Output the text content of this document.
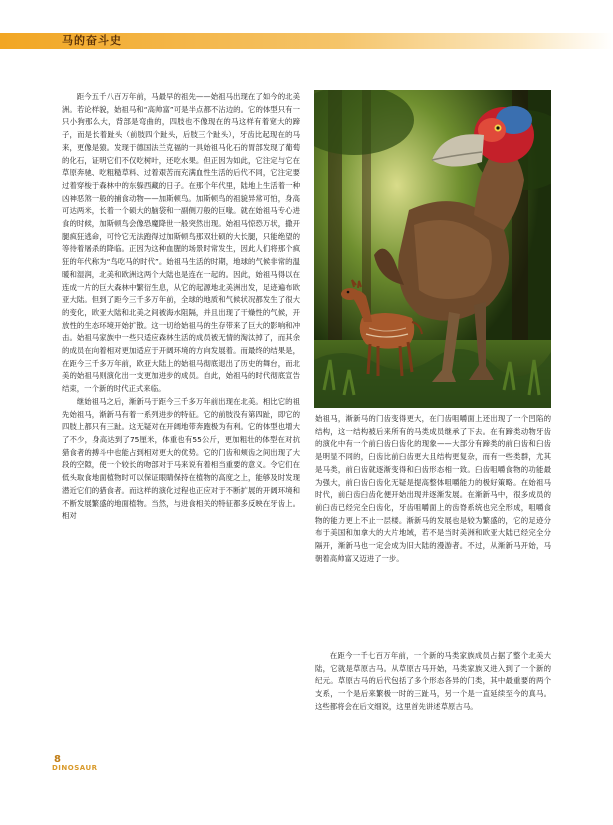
马的奋斗史

距今五千八百万年前，马最早的祖先——始祖马出现在了如今的北美洲。若论样貌，始祖马和“高帅富”可是半点都不沾边的。它的体型只有一只小狗那么大，背部是弯曲的，四肢也不像现在的马这样有着宽大的蹄子，而是长着趾头（前肢四个趾头，后肢三个趾头），牙齿比起现在的马来，更像是猿。发现于德国法兰克福的一具始祖马化石的胃部发现了葡萄的化石，证明它们不仅吃树叶，还吃水果。但正因为如此，它注定与它在草原奔驰、吃粗糙草料、过着艰苦而充满血性生活的后代不同，它注定要过着穿梭于森林中的东躲西藏的日子。在那个年代里，陆地上生活着一种凶神恶煞一般的捕食动物——加斯顿鸟。加斯顿鸟的祖貌异常可怕，身高可达两米，长着一个硕大的脑袋和一副侧刀般的巨喙。就在始祖马专心进食的时候，加斯顿鸟会像恐魔降世一般突然出现。始祖马惊恐万状，撒开腿疯狂逃命，可怜它无法跑得过加斯顿鸟那双壮硕的大长腿，只能绝望的等待着屠杀的降临。正因为这种血腥的场景时常发生，因此人们将那个疯狂的年代称为“鸟吃马的时代”。始祖马生活的时期，地球的气候非常的温暖和湿润，北美和欧洲这两个大陆也是连在一起的。因此，始祖马得以在连成一片的巨大森林中繁衍生息，从它的起源地北美洲出发，足迹遍布欧亚大陆。但到了距今三千多万年前，全球的地质和气候状况都发生了很大的变化，欧亚大陆和北美之间被海水阻隔，并且出现了干燥性的气候，开放性的生态环境开始扩散。这一切给始祖马的生存带来了巨大的影响和冲击。始祖马家族中一些只适应森林生活的成员被无情的淘汰掉了，而其余的成员在向着相对更加适应于开阔环境的方向发展着。而最终的结果是，在距今三千多万年前，欧亚大陆上的始祖马彻底退出了历史的舞台，而北美的始祖马则演化出一支更加进步的成员。自此，始祖马的时代彻底宣告结束，一个新的时代正式来临。

继始祖马之后，渐新马于距今三千多万年前出现在北美。相比它的祖先始祖马，渐新马有着一系列进步的特征。它的前肢没有第四趾，即它的四肢上都只有三趾。这无疑对在开阔地带奔跑极为有利。它的体型也增大了不少，身高达到了75厘米，体重也有55公斤，更加粗壮的体型在对抗猎食者的搏斗中也能占到相对更大的优势。它的门齿和颊齿之间出现了大段的空隙，使一个较长的吻部对于马来说有着相当重要的意义。令它们在低头取食地面植物时可以保证眼睛保持在植物的高度之上，能够及时发现潜近它们的猎食者。而这样的演化过程也正应对于不断扩展的开阔环境和不断发展繁盛的地面植物。当然，与进食相关的特征都多反映在牙齿上。相对

始祖马，渐新马的门齿变得更大，在门齿咀嚼面上还出现了一个凹陷的结构，这一结构被后来所有的马类成员继承了下去。在有蹄类动物牙齿的演化中有一个前臼齿臼齿化的现象——大部分有蹄类的前臼齿和臼齿是明显不同的，臼齿比前臼齿更大且结构更复杂，而有一些类群，尤其是马类，前臼齿就逐渐变得和臼齿形态相一致。臼齿咀嚼食物的功能最为强大，前臼齿臼齿化无疑是提高整体咀嚼能力的极好策略。在始祖马时代，前臼齿臼齿化便开始出现并逐渐发展。在渐新马中，很多成员的前臼齿已经完全臼齿化，牙齿咀嚼面上的齿脊系统也完全形成，咀嚼食物的能力更上不止一层楼。渐新马的发展也是较为繁盛的，它的足迹分布于美国和加拿大的大片地域，若不是当时美洲和欧亚大陆已经完全分隔开，渐新马也一定会成为旧大陆的漫游者。不过，从渐新马开始，马朝着高帅富又迈进了一步。

在距今一千七百万年前，一个新的马类家族成员占据了整个北美大陆，它就是草原古马。从草原古马开始，马类家族又进入到了一个新的纪元。草原古马的后代包括了多个形态各异的门类，其中最重要的两个支系，一个是后来繁极一时的三趾马，另一个是一直延续至今的真马。这些都将会在后文细说，这里首先讲述草原古马。

8
DINOSAUR
